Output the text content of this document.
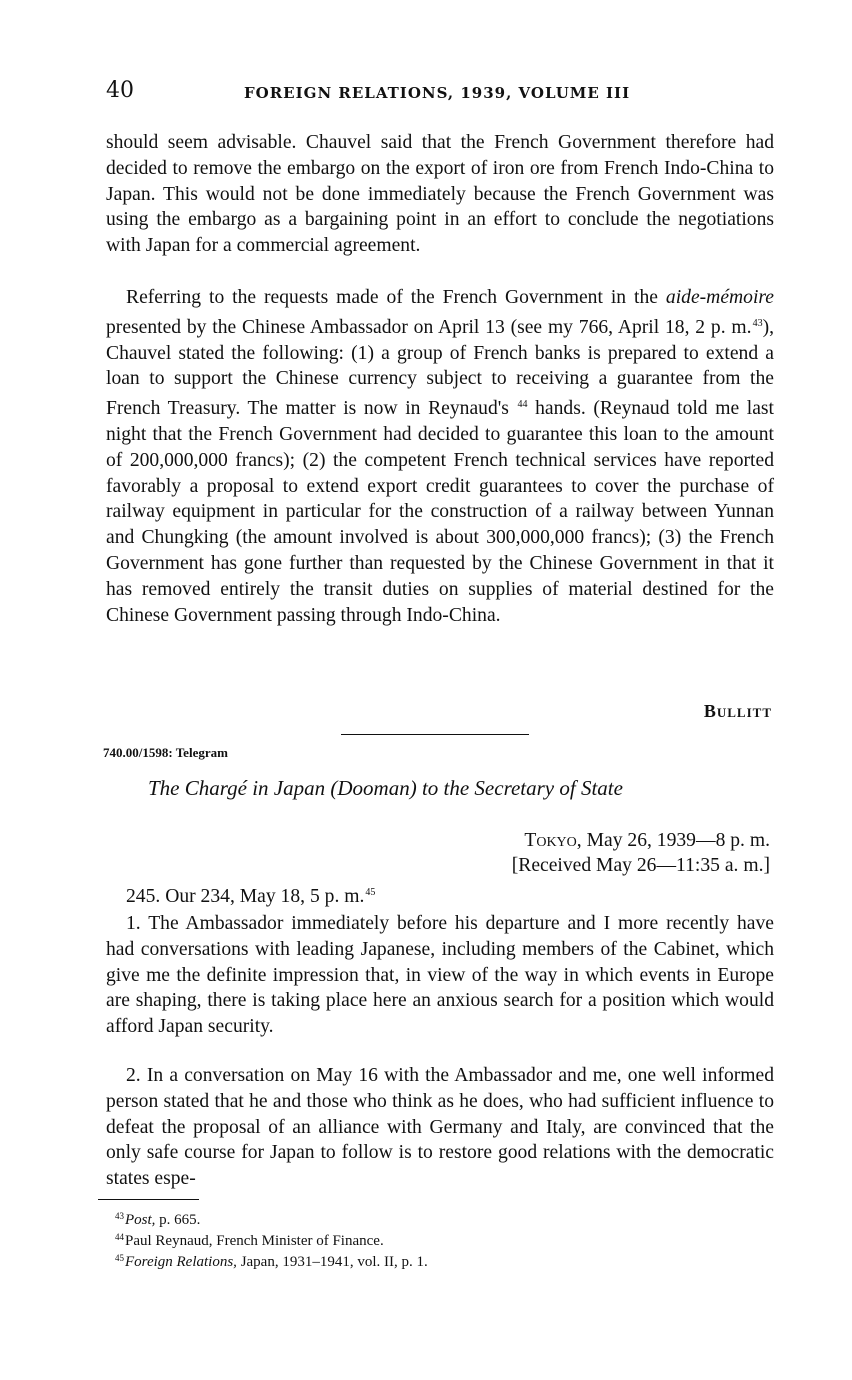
40	FOREIGN RELATIONS, 1939, VOLUME III

should seem advisable. Chauvel said that the French Government therefore had decided to remove the embargo on the export of iron ore from French Indo-China to Japan. This would not be done immediately because the French Government was using the embargo as a bargaining point in an effort to conclude the negotiations with Japan for a commercial agreement.

Referring to the requests made of the French Government in the aide-mémoire presented by the Chinese Ambassador on April 13 (see my 766, April 18, 2 p. m.$^{43}$), Chauvel stated the following: (1) a group of French banks is prepared to extend a loan to support the Chinese currency subject to receiving a guarantee from the French Treasury. The matter is now in Reynaud's $^{44}$ hands. (Reynaud told me last night that the French Government had decided to guarantee this loan to the amount of 200,000,000 francs); (2) the competent French technical services have reported favorably a proposal to extend export credit guarantees to cover the purchase of railway equipment in particular for the construction of a railway between Yunnan and Chungking (the amount involved is about 300,000,000 francs); (3) the French Government has gone further than requested by the Chinese Government in that it has removed entirely the transit duties on supplies of material destined for the Chinese Government passing through Indo-China.

Bullitt
740.00/1598: Telegram
The Chargé in Japan (Dooman) to the Secretary of State
Tokyo, May 26, 1939—8 p. m.
[Received May 26—11:35 a. m.]

245. Our 234, May 18, 5 p. m.$^{45}$

1. The Ambassador immediately before his departure and I more recently have had conversations with leading Japanese, including members of the Cabinet, which give me the definite impression that, in view of the way in which events in Europe are shaping, there is taking place here an anxious search for a position which would afford Japan security.

2. In a conversation on May 16 with the Ambassador and me, one well informed person stated that he and those who think as he does, who had sufficient influence to defeat the proposal of an alliance with Germany and Italy, are convinced that the only safe course for Japan to follow is to restore good relations with the democratic states espe-

$^{43}$Post, p. 665.
$^{44}$Paul Reynaud, French Minister of Finance.
$^{45}$Foreign Relations, Japan, 1931–1941, vol. II, p. 1.
